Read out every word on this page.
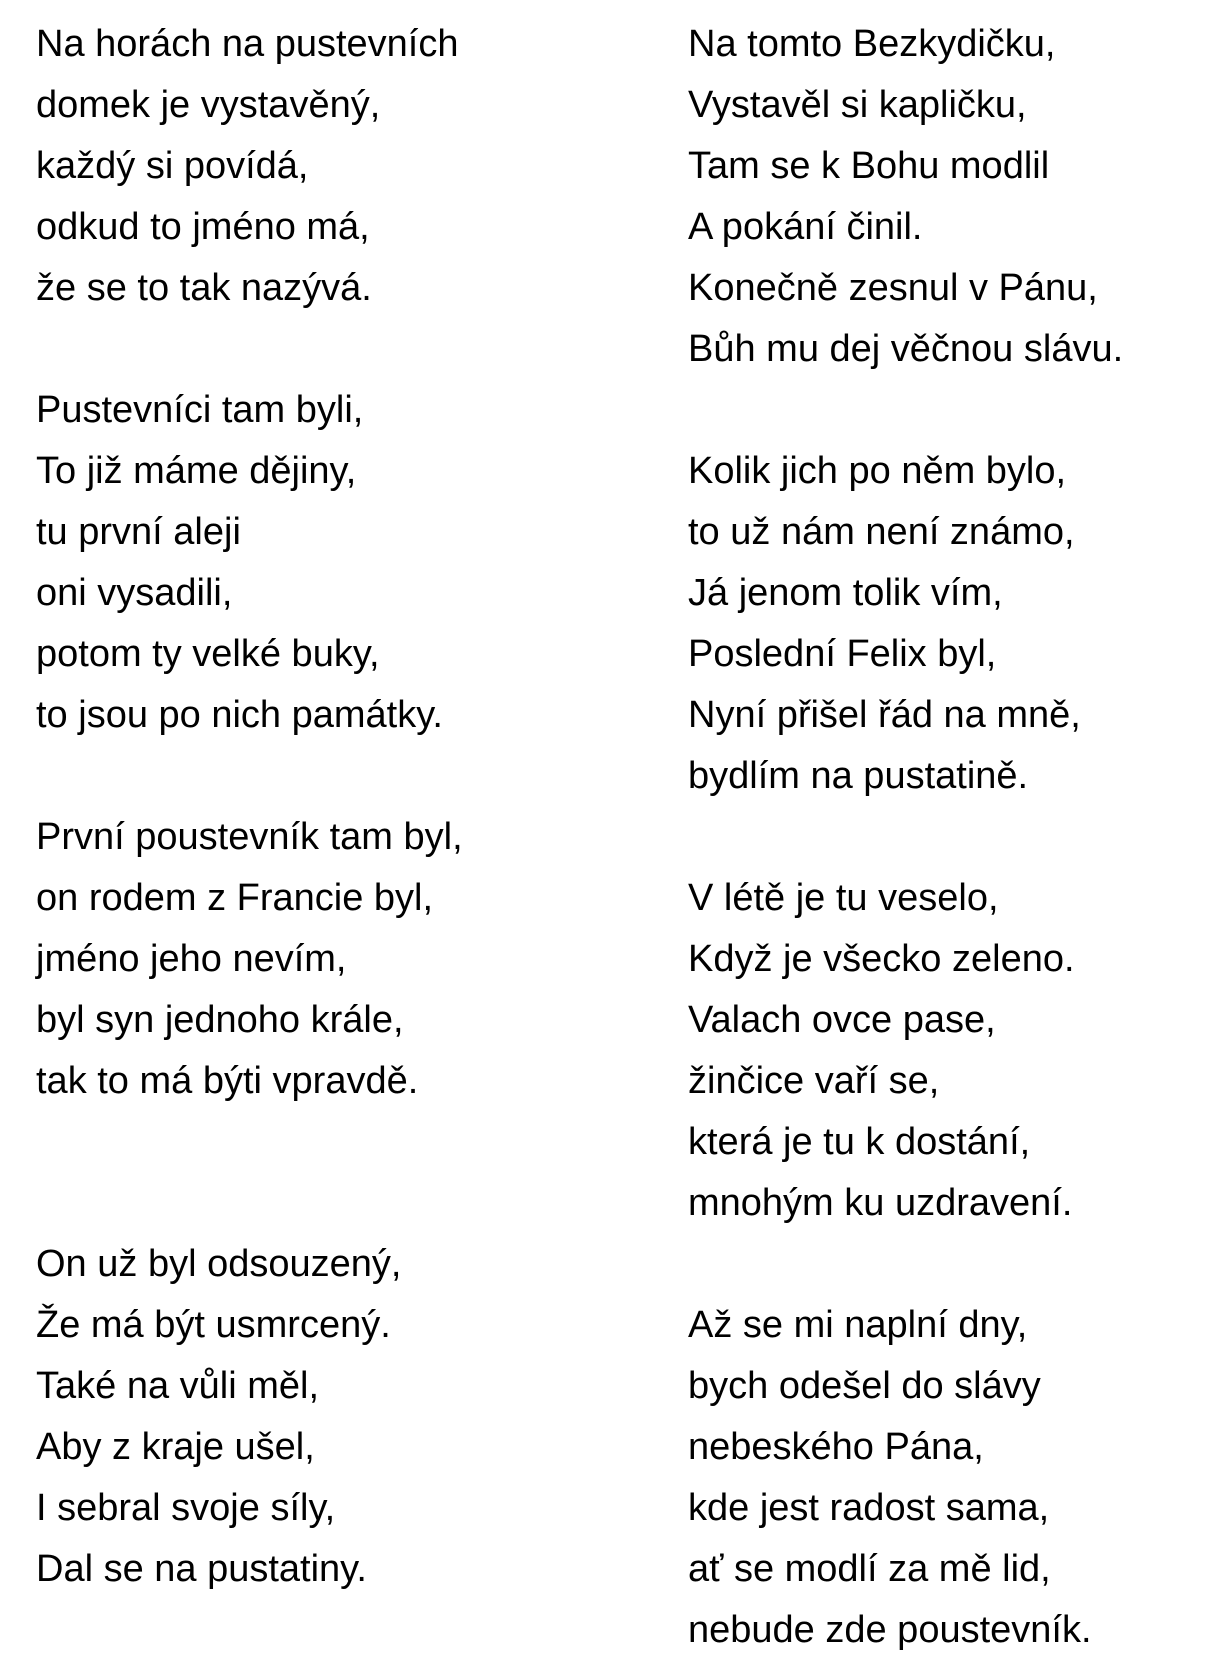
Na horách na pustevních
domek je vystavěný,
každý si povídá,
odkud to jméno má,
že se to tak nazývá.
Pustevníci tam byli,
To již máme dějiny,
tu první aleji
oni vysadili,
potom ty velké buky,
to jsou po nich památky.
První poustevník tam byl,
on rodem z Francie byl,
jméno jeho nevím,
byl syn jednoho krále,
tak to má býti vpravdě.
On už byl odsouzený,
Že má být usmrcený.
Také na vůli měl,
Aby z kraje ušel,
I sebral svoje síly,
Dal se na pustatiny.
Na tomto Bezkydičku,
Vystavěl si kapličku,
Tam se k Bohu modlil
A pokání činil.
Konečně zesnul v Pánu,
Bůh mu dej věčnou slávu.
Kolik jich po něm bylo,
to už nám není známo,
Já jenom tolik vím,
Poslední Felix byl,
Nyní přišel řád na mně,
bydlím na pustatině.
V létě je tu veselo,
Když je všecko zeleno.
Valach ovce pase,
žinčice vaří se,
která je tu k dostání,
mnohým ku uzdravení.
Až se mi naplní dny,
bych odešel do slávy
nebeského Pána,
kde jest radost sama,
ať se modlí za mě lid,
nebude zde poustevník.
